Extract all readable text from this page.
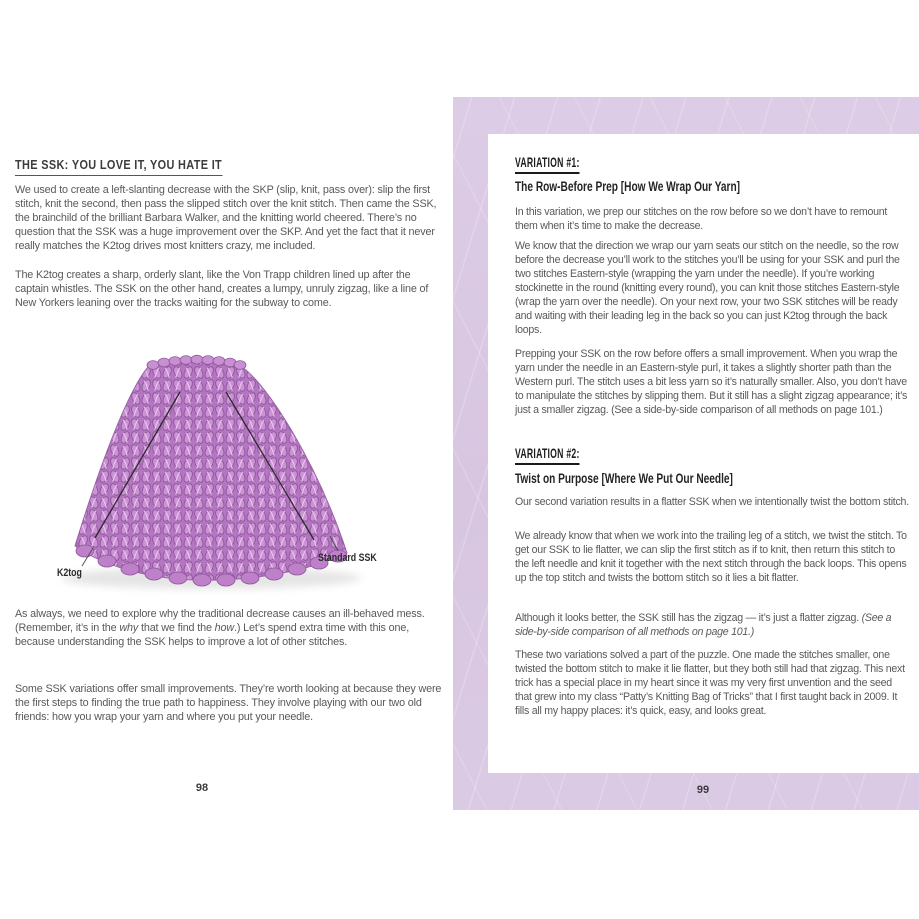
THE SSK: YOU LOVE IT, YOU HATE IT

We used to create a left-slanting decrease with the SKP (slip, knit, pass over): slip the first stitch, knit the second, then pass the slipped stitch over the knit stitch. Then came the SSK, the brainchild of the brilliant Barbara Walker, and the knitting world cheered. There’s no question that the SSK was a huge improvement over the SKP. And yet the fact that it never really matches the K2tog drives most knitters crazy, me included.

The K2tog creates a sharp, orderly slant, like the Von Trapp children lined up after the captain whistles. The SSK on the other hand, creates a lumpy, unruly zigzag, like a line of New Yorkers leaning over the tracks waiting for the subway to come.

K2tog
Standard SSK

As always, we need to explore why the traditional decrease causes an ill-behaved mess. (Remember, it’s in the why that we find the how.) Let’s spend extra time with this one, because understanding the SSK helps to improve a lot of other stitches.

Some SSK variations offer small improvements. They’re worth looking at because they were the first steps to finding the true path to happiness. They involve playing with our two old friends: how you wrap your yarn and where you put your needle.

98
VARIATION #1:
The Row-Before Prep [How We Wrap Our Yarn]

In this variation, we prep our stitches on the row before so we don’t have to remount them when it’s time to make the decrease.

We know that the direction we wrap our yarn seats our stitch on the needle, so the row before the decrease you’ll work to the stitches you’ll be using for your SSK and purl the two stitches Eastern-style (wrapping the yarn under the needle). If you’re working stockinette in the round (knitting every round), you can knit those stitches Eastern-style (wrap the yarn over the needle). On your next row, your two SSK stitches will be ready and waiting with their leading leg in the back so you can just K2tog through the back loops.

Prepping your SSK on the row before offers a small improvement. When you wrap the yarn under the needle in an Eastern-style purl, it takes a slightly shorter path than the Western purl. The stitch uses a bit less yarn so it’s naturally smaller. Also, you don’t have to manipulate the stitches by slipping them. But it still has a slight zigzag appearance; it’s just a smaller zigzag. (See a side-by-side comparison of all methods on page 101.)

VARIATION #2:
Twist on Purpose [Where We Put Our Needle]

Our second variation results in a flatter SSK when we intentionally twist the bottom stitch.

We already know that when we work into the trailing leg of a stitch, we twist the stitch. To get our SSK to lie flatter, we can slip the first stitch as if to knit, then return this stitch to the left needle and knit it together with the next stitch through the back loops. This opens up the top stitch and twists the bottom stitch so it lies a bit flatter.

Although it looks better, the SSK still has the zigzag — it’s just a flatter zigzag. (See a side-by-side comparison of all methods on page 101.)

These two variations solved a part of the puzzle. One made the stitches smaller, one twisted the bottom stitch to make it lie flatter, but they both still had that zigzag. This next trick has a special place in my heart since it was my very first unvention and the seed that grew into my class “Patty’s Knitting Bag of Tricks” that I first taught back in 2009. It fills all my happy places: it’s quick, easy, and looks great.

99
